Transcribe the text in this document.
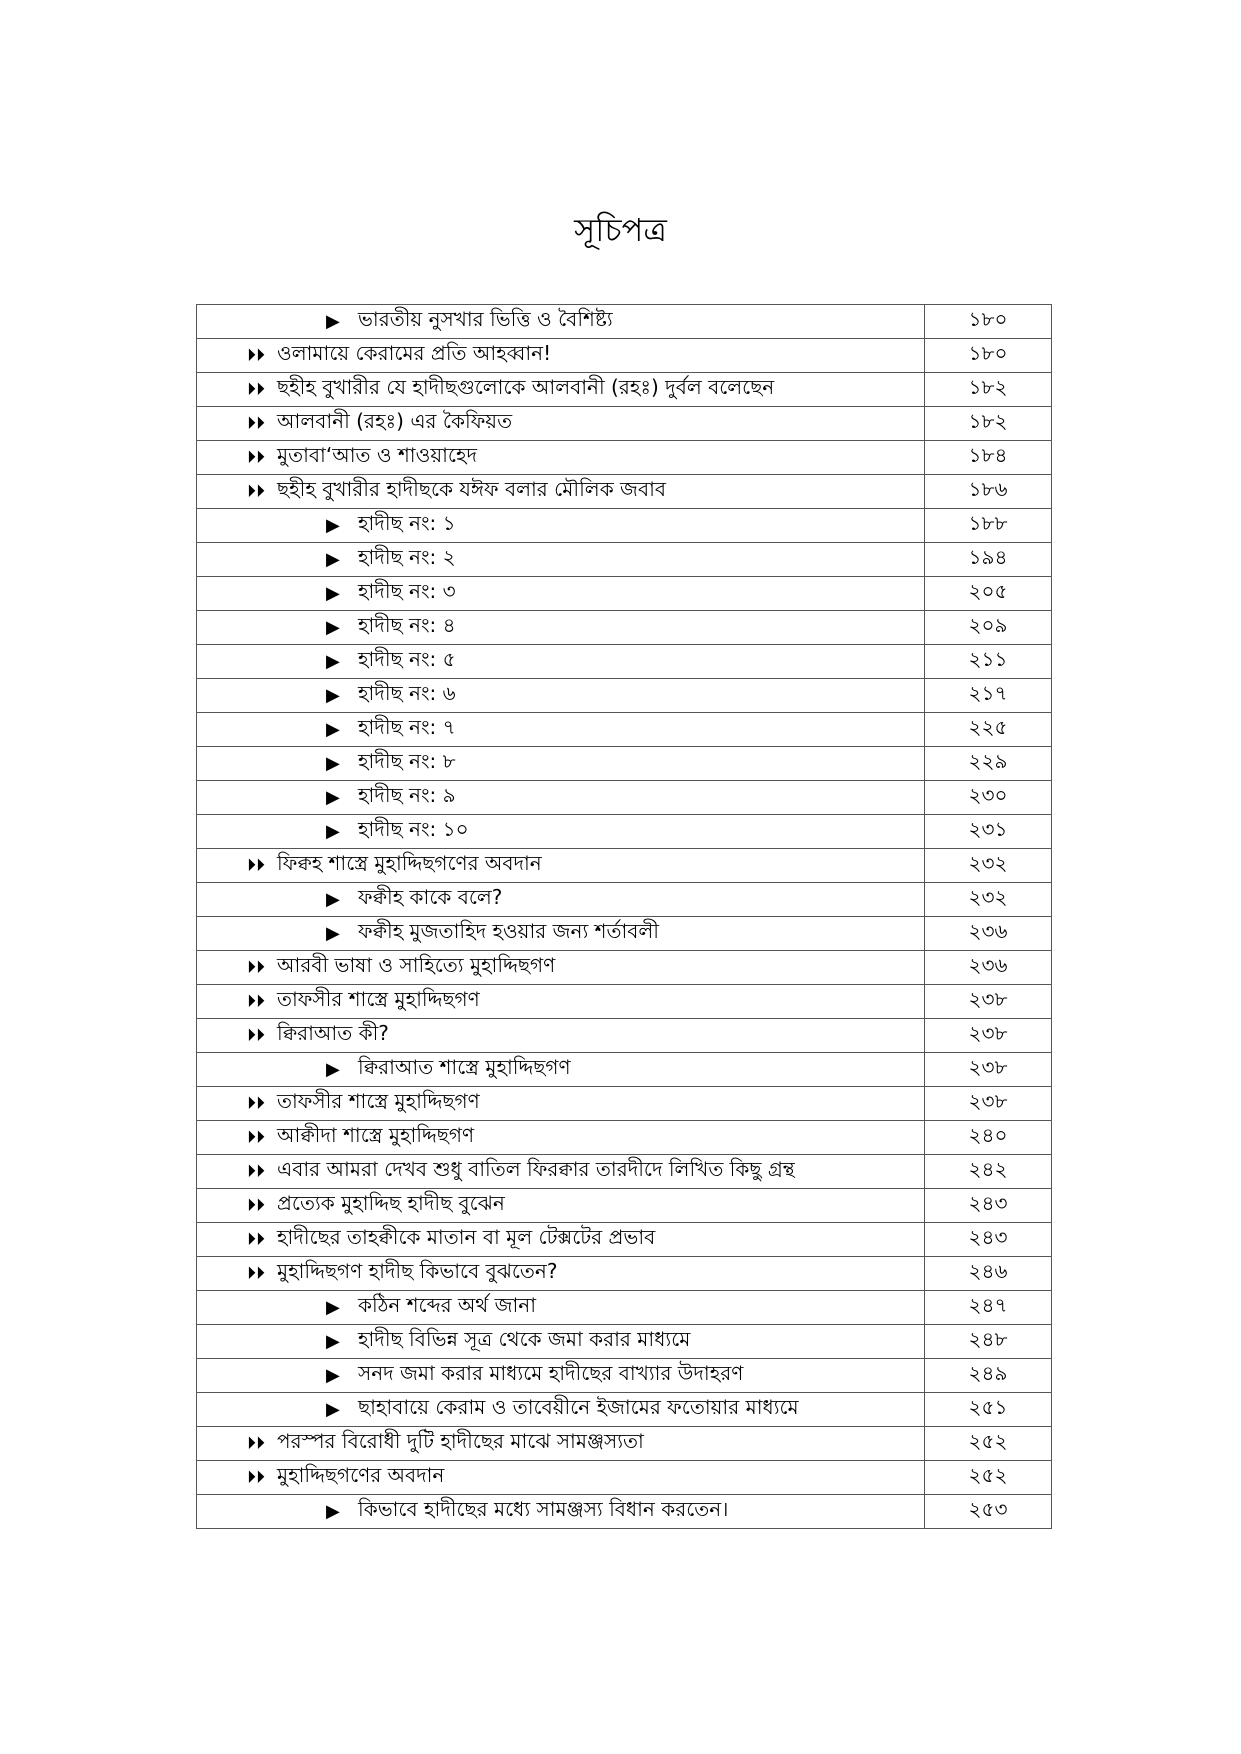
সূচিপত্র
▶ ভারতীয় নুসখার ভিত্তি ও বৈশিষ্ট্য	১৮০

⏵⏵ ওলামায়ে কেরামের প্রতি আহব্বান!	১৮০

⏵⏵ ছহীহ বুখারীর যে হাদীছগুলোকে আলবানী (রহঃ) দুর্বল বলেছেন	১৮২

⏵⏵ আলবানী (রহঃ) এর কৈফিয়ত	১৮২

⏵⏵ মুতাবা‘আত ও শাওয়াহেদ	১৮৪

⏵⏵ ছহীহ বুখারীর হাদীছকে যঈফ বলার মৌলিক জবাব	১৮৬

▶ হাদীছ নং: ১	১৮৮

▶ হাদীছ নং: ২	১৯৪

▶ হাদীছ নং: ৩	২০৫

▶ হাদীছ নং: ৪	২০৯

▶ হাদীছ নং: ৫	২১১

▶ হাদীছ নং: ৬	২১৭

▶ হাদীছ নং: ৭	২২৫

▶ হাদীছ নং: ৮	২২৯

▶ হাদীছ নং: ৯	২৩০

▶ হাদীছ নং: ১০	২৩১

⏵⏵ ফিক্বহ শাস্ত্রে মুহাদ্দিছগণের অবদান	২৩২

▶ ফক্বীহ কাকে বলে?	২৩২

▶ ফক্বীহ মুজতাহিদ হওয়ার জন্য শর্তাবলী	২৩৬

⏵⏵ আরবী ভাষা ও সাহিত্যে মুহাদ্দিছগণ	২৩৬

⏵⏵ তাফসীর শাস্ত্রে মুহাদ্দিছগণ	২৩৮

⏵⏵ ক্বিরাআত কী?	২৩৮

▶ ক্বিরাআত শাস্ত্রে মুহাদ্দিছগণ	২৩৮

⏵⏵ তাফসীর শাস্ত্রে মুহাদ্দিছগণ	২৩৮

⏵⏵ আক্বীদা শাস্ত্রে মুহাদ্দিছগণ	২৪০

⏵⏵ এবার আমরা দেখব শুধু বাতিল ফিরক্বার তারদীদে লিখিত কিছু গ্রন্থ	২৪২

⏵⏵ প্রত্যেক মুহাদ্দিছ হাদীছ বুঝেন	২৪৩

⏵⏵ হাদীছের তাহক্বীকে মাতান বা মূল টেক্সটের প্রভাব	২৪৩

⏵⏵ মুহাদ্দিছগণ হাদীছ কিভাবে বুঝতেন?	২৪৬

▶ কঠিন শব্দের অর্থ জানা	২৪৭

▶ হাদীছ বিভিন্ন সূত্র থেকে জমা করার মাধ্যমে	২৪৮

▶ সনদ জমা করার মাধ্যমে হাদীছের বাখ্যার উদাহরণ	২৪৯

▶ ছাহাবায়ে কেরাম ও তাবেয়ীনে ইজামের ফতোয়ার মাধ্যমে	২৫১

⏵⏵ পরস্পর বিরোধী দুটি হাদীছের মাঝে সামঞ্জস্যতা	২৫২

⏵⏵ মুহাদ্দিছগণের অবদান	২৫২

▶ কিভাবে হাদীছের মধ্যে সামঞ্জস্য বিধান করতেন।	২৫৩
